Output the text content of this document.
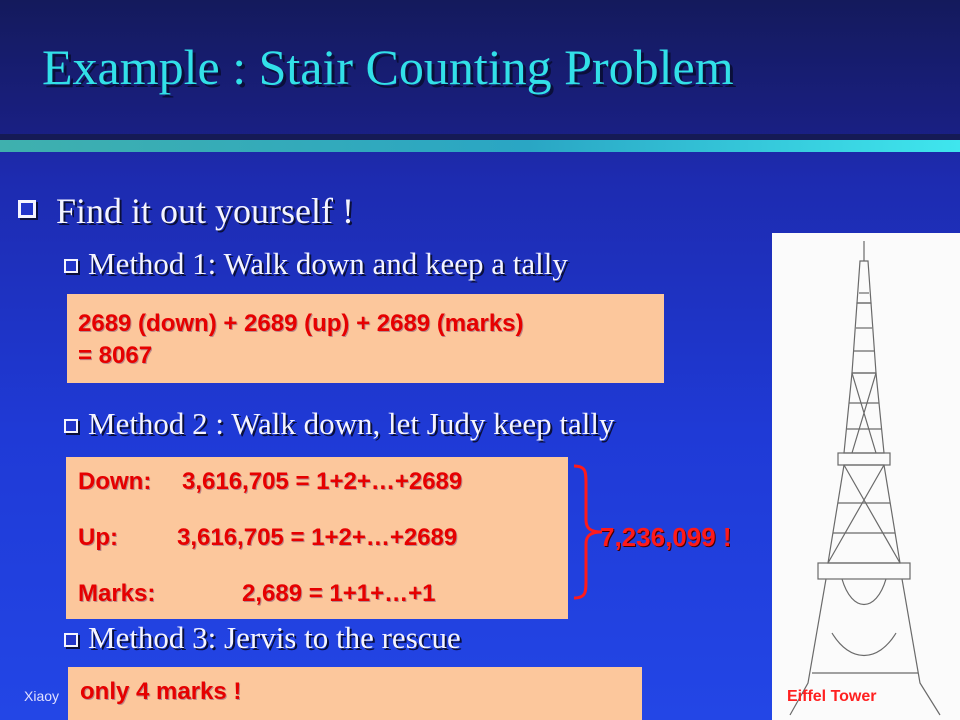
Example : Stair Counting Problem
Find it out yourself !
Method 1: Walk down and keep a tally
2689 (down) + 2689 (up) + 2689 (marks)
= 8067
Method 2 : Walk down, let Judy keep tally
Down: 3,616,705 = 1+2+…+2689
Up: 3,616,705 = 1+2+…+2689
Marks:	2,689 = 1+1+…+1
7,236,099 !
Method 3: Jervis to the rescue
Xiaoy only 4 marks !	Eiffel Tower
